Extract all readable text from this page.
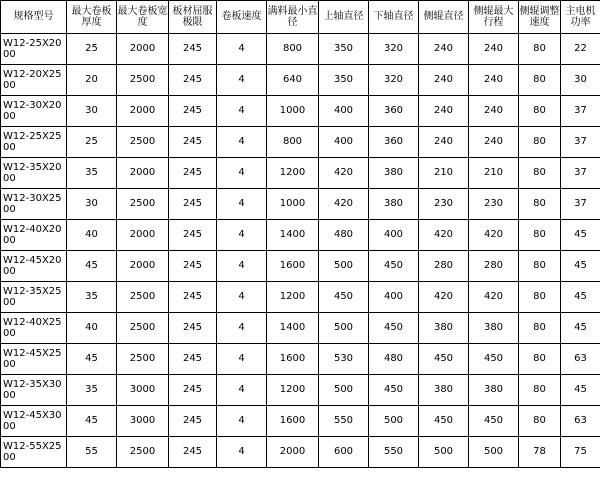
规格型号	最大卷板厚度	最大卷板宽度	板材屈服极限	卷板速度	满料最小直径	上轴直径	下轴直径	侧辊直径	侧辊最大行程	侧辊调整速度	主电机功率
W12-25X2000	25	2000	245	4	800	350	320	240	240	80	22
W12-20X2500	20	2500	245	4	640	350	320	240	240	80	30
W12-30X2000	30	2000	245	4	1000	400	360	240	240	80	37
W12-25X2500	25	2500	245	4	800	400	360	240	240	80	37
W12-35X2000	35	2000	245	4	1200	420	380	210	210	80	37
W12-30X2500	30	2500	245	4	1000	420	380	230	230	80	37
W12-40X2000	40	2000	245	4	1400	480	400	420	420	80	45
W12-45X2000	45	2000	245	4	1600	500	450	280	280	80	45
W12-35X2500	35	2500	245	4	1200	450	400	420	420	80	45
W12-40X2500	40	2500	245	4	1400	500	450	380	380	80	45
W12-45X2500	45	2500	245	4	1600	530	480	450	450	80	63
W12-35X3000	35	3000	245	4	1200	500	450	380	380	80	45
W12-45X3000	45	3000	245	4	1600	550	500	450	450	80	63
W12-55X2500	55	2500	245	4	2000	600	550	500	500	78	75
